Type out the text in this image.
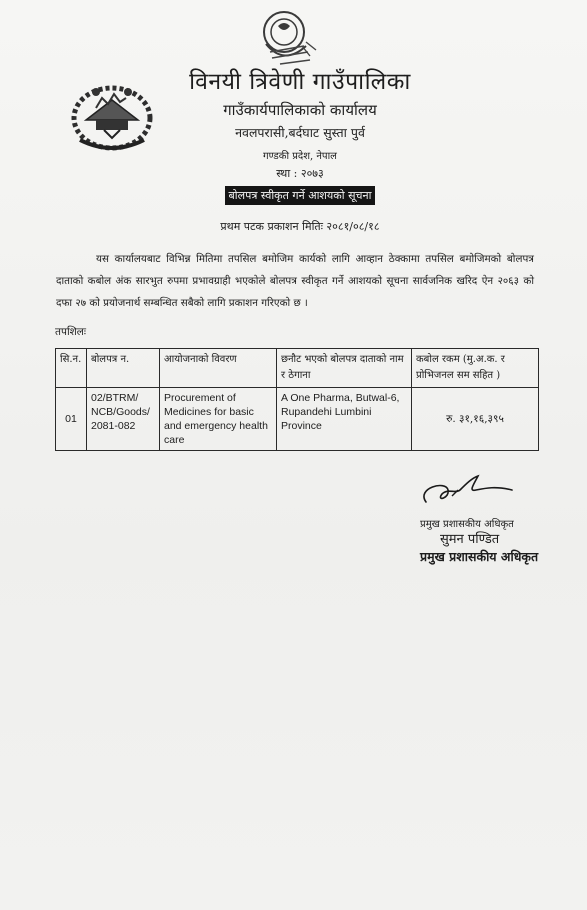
विनयी त्रिवेणी गाउँपालिका
गाउँकार्यपालिकाको कार्यालय
नवलपरासी,बर्दघाट सुस्ता पुर्व
गण्डकी प्रदेश, नेपाल
स्था : २०७३
बोलपत्र स्वीकृत गर्ने आशयको सूचना
प्रथम पटक प्रकाशन मितिः २०८१/०८/१८

यस कार्यालयबाट विभिन्न मितिमा तपसिल बमोजिम कार्यको लागि आव्हान ठेक्कामा तपसिल बमोजिमको बोलपत्र दाताको कबोल अंक सारभुत रुपमा प्रभावग्राही भएकोले बोलपत्र स्वीकृत गर्ने आशयको सूचना सार्वजनिक खरिद ऐन २०६३ को दफा २७ को प्रयोजनार्थ सम्बन्धित सबैको लागि प्रकाशन गरिएको छ ।

तपशिलः
सि.न.	बोलपत्र न.	आयोजनाको विवरण	छनौट भएको बोलपत्र दाताको नाम र ठेगाना	कबोल रकम (मु.अ.क. र प्रोभिजनल सम सहित )
01	02/BTRM/ NCB/Goods/ 2081-082	Procurement of Medicines for basic and emergency health care	A One Pharma, Butwal-6, Rupandehi Lumbini Province	रु. ३१,१६,३९५
प्रमुख प्रशासकीय अधिकृत
सुमन पण्डित
प्रमुख प्रशासकीय अधिकृत
